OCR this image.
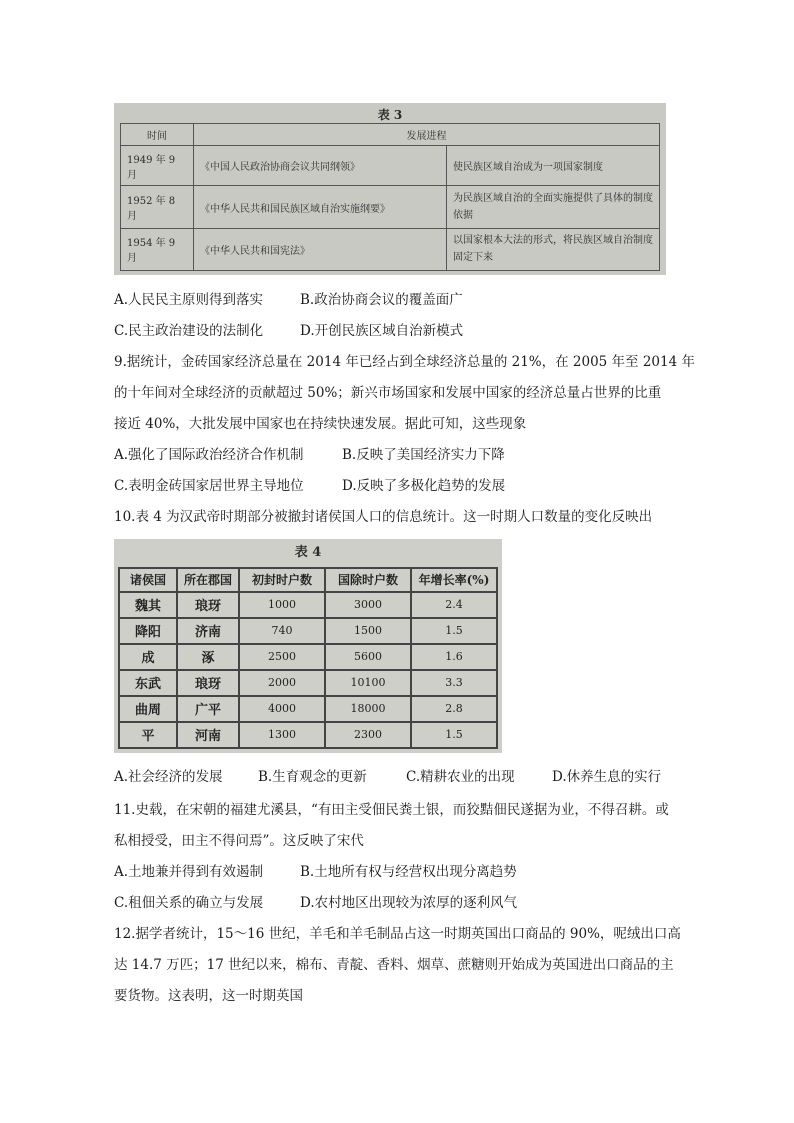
表 3
时间	发展进程	
1949 年 9 月	《中国人民政治协商会议共同纲领》	使民族区域自治成为一项国家制度
1952 年 8 月	《中华人民共和国民族区域自治实施纲要》	为民族区域自治的全面实施提供了具体的制度依据
1954 年 9 月	《中华人民共和国宪法》	以国家根本大法的形式，将民族区域自治制度固定下来
A.人民民主原则得到落实	B.政治协商会议的覆盖面广
C.民主政治建设的法制化	D.开创民族区域自治新模式
9.据统计，金砖国家经济总量在 2014 年已经占到全球经济总量的 21%，在 2005 年至 2014 年
的十年间对全球经济的贡献超过 50%；新兴市场国家和发展中国家的经济总量占世界的比重
接近 40%，大批发展中国家也在持续快速发展。据此可知，这些现象
A.强化了国际政治经济合作机制	B.反映了美国经济实力下降
C.表明金砖国家居世界主导地位	D.反映了多极化趋势的发展
10.表 4 为汉武帝时期部分被撤封诸侯国人口的信息统计。这一时期人口数量的变化反映出
表 4
诸侯国	所在郡国	初封时户数	国除时户数	年增长率(%)
魏其	琅玡	1000	3000	2.4
降阳	济南	740	1500	1.5
成	涿	2500	5600	1.6
东武	琅玡	2000	10100	3.3
曲周	广平	4000	18000	2.8
平	河南	1300	2300	1.5
A.社会经济的发展	B.生育观念的更新	C.精耕农业的出现	D.休养生息的实行
11.史载，在宋朝的福建尤溪县，“有田主受佃民粪土银，而狡黠佃民遂据为业，不得召耕。或
私相授受，田主不得问焉”。这反映了宋代
A.土地兼并得到有效遏制	B.土地所有权与经营权出现分离趋势
C.租佃关系的确立与发展	D.农村地区出现较为浓厚的逐利风气
12.据学者统计，15～16 世纪，羊毛和羊毛制品占这一时期英国出口商品的 90%，呢绒出口高
达 14.7 万匹；17 世纪以来，棉布、青靛、香料、烟草、蔗糖则开始成为英国进出口商品的主
要货物。这表明，这一时期英国
